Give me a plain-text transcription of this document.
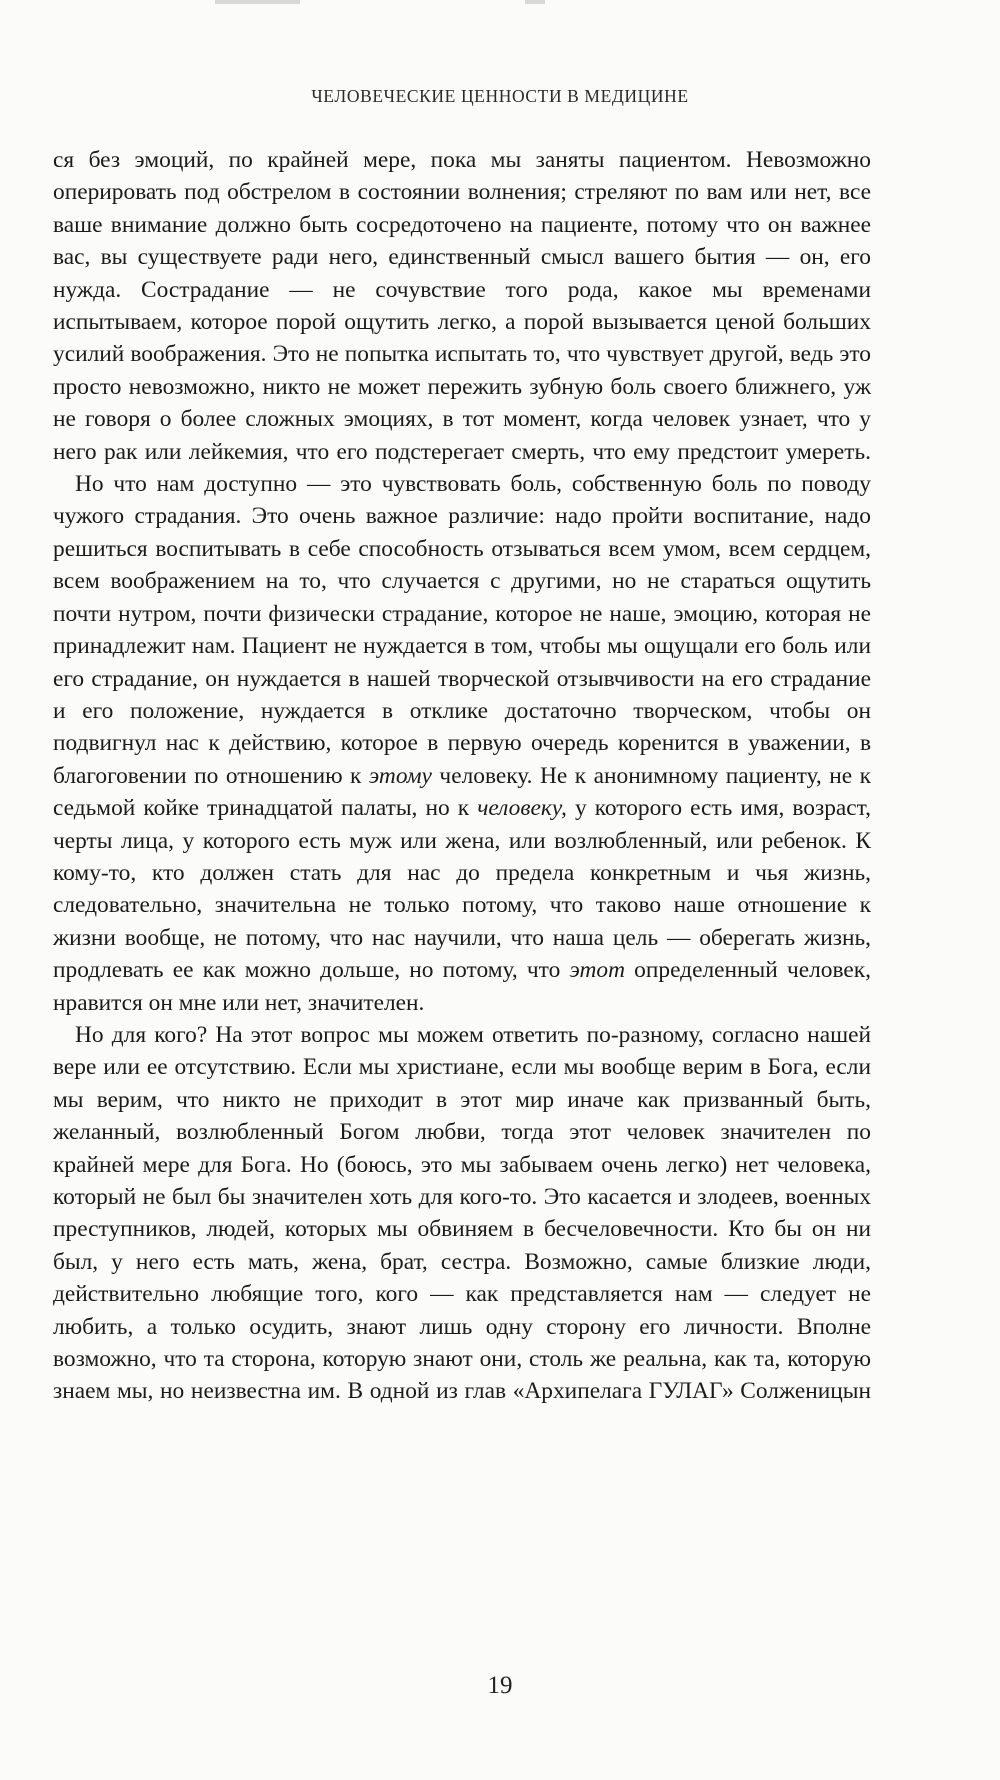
ЧЕЛОВЕЧЕСКИЕ ЦЕННОСТИ В МЕДИЦИНЕ

ся без эмоций, по крайней мере, пока мы заняты пациентом. Невозможно оперировать под обстрелом в состоянии волнения; стреляют по вам или нет, все ваше внимание должно быть сосредоточено на пациенте, потому что он важнее вас, вы существуете ради него, единственный смысл вашего бытия — он, его нужда. Сострадание — не сочувствие того рода, какое мы временами испытываем, которое порой ощутить легко, а порой вызывается ценой больших усилий воображения. Это не попытка испытать то, что чувствует другой, ведь это просто невозможно, никто не может пережить зубную боль своего ближнего, уж не говоря о более сложных эмоциях, в тот момент, когда человек узнает, что у него рак или лейкемия, что его подстерегает смерть, что ему предстоит умереть.

Но что нам доступно — это чувствовать боль, собственную боль по поводу чужого страдания. Это очень важное различие: надо пройти воспитание, надо решиться воспитывать в себе способность отзываться всем умом, всем сердцем, всем воображением на то, что случается с другими, но не стараться ощутить почти нутром, почти физически страдание, которое не наше, эмоцию, которая не принадлежит нам. Пациент не нуждается в том, чтобы мы ощущали его боль или его страдание, он нуждается в нашей творческой отзывчивости на его страдание и его положение, нуждается в отклике достаточно творческом, чтобы он подвигнул нас к действию, которое в первую очередь коренится в уважении, в благоговении по отношению к этому человеку. Не к анонимному пациенту, не к седьмой койке тринадцатой палаты, но к человеку, у которого есть имя, возраст, черты лица, у которого есть муж или жена, или возлюбленный, или ребенок. К кому-то, кто должен стать для нас до предела конкретным и чья жизнь, следовательно, значительна не только потому, что таково наше отношение к жизни вообще, не потому, что нас научили, что наша цель — оберегать жизнь, продлевать ее как можно дольше, но потому, что этот определенный человек, нравится он мне или нет, значителен.

Но для кого? На этот вопрос мы можем ответить по-разному, согласно нашей вере или ее отсутствию. Если мы христиане, если мы вообще верим в Бога, если мы верим, что никто не приходит в этот мир иначе как призванный быть, желанный, возлюбленный Богом любви, тогда этот человек значителен по крайней мере для Бога. Но (боюсь, это мы забываем очень легко) нет человека, который не был бы значителен хоть для кого-то. Это касается и злодеев, военных преступников, людей, которых мы обвиняем в бесчеловечности. Кто бы он ни был, у него есть мать, жена, брат, сестра. Возможно, самые близкие люди, действительно любящие того, кого — как представляется нам — следует не любить, а только осудить, знают лишь одну сторону его личности. Вполне возможно, что та сторона, которую знают они, столь же реальна, как та, которую знаем мы, но неизвестна им. В одной из глав «Архипелага ГУЛАГ» Солженицын

19
